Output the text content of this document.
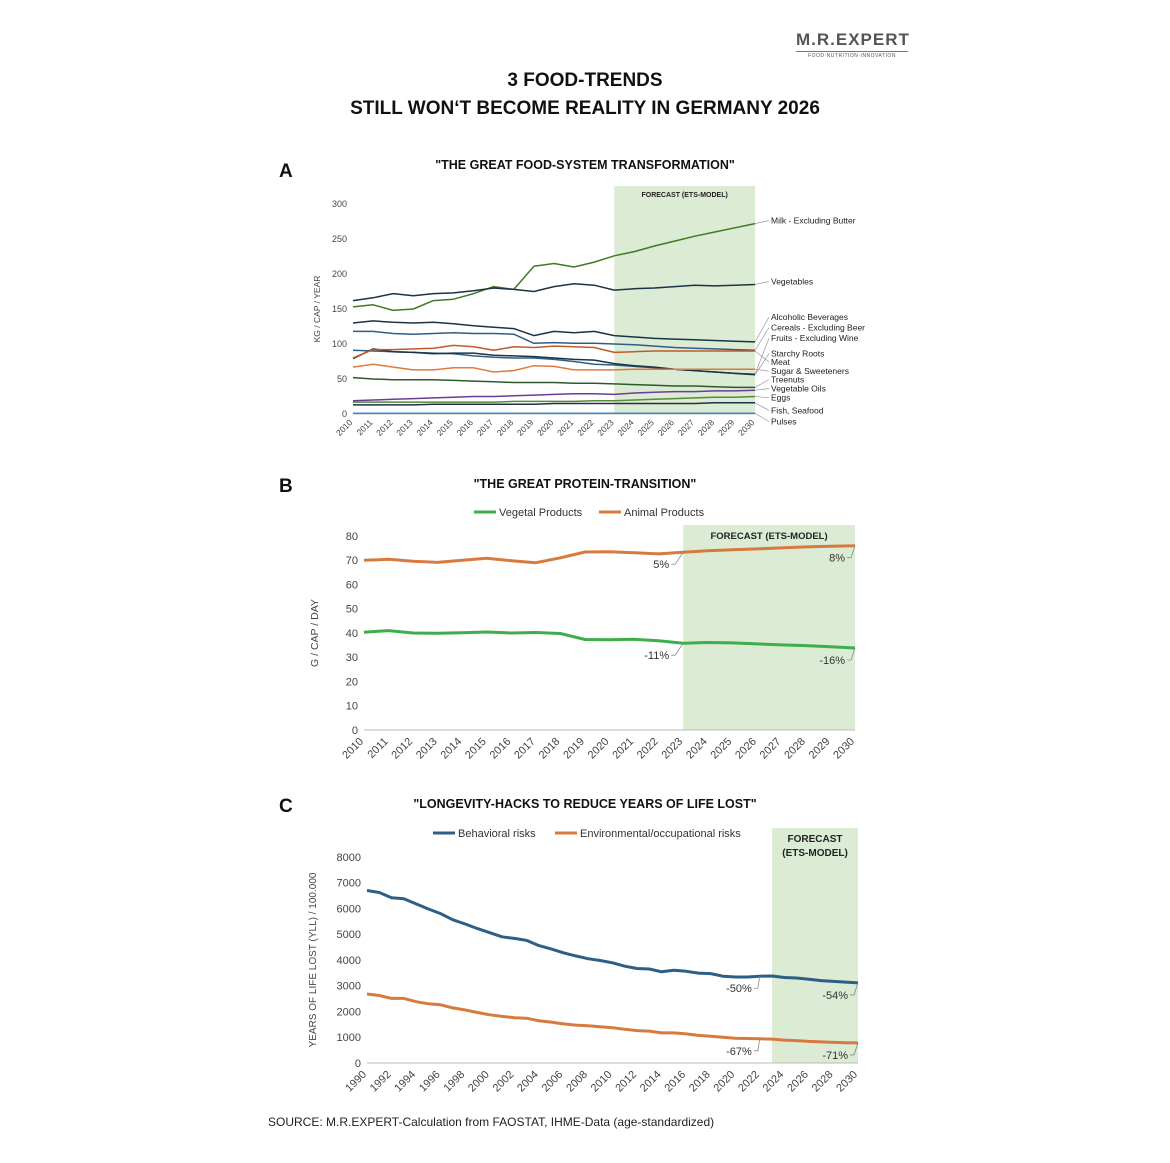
M.R.EXPERT
FOOD·NUTRITION·INNOVATION
3 FOOD-TRENDS
STILL WON‘T BECOME REALITY IN GERMANY 2026
A	"THE GREAT FOOD-SYSTEM TRANSFORMATION"
FORECAST (ETS-MODEL)
0
50
100
150
200
250
300
2010 2011 2012 2013 2014 2015 2016 2017 2018 2019 2020 2021 2022 2023 2024 2025 2026 2027 2028 2029 2030
KG / CAP / YEAR
Milk - Excluding Butter
Vegetables
Alcoholic Beverages
Cereals - Excluding Beer
Fruits - Excluding Wine
Starchy Roots
Meat
Sugar & Sweeteners
Treenuts
Vegetable Oils
Eggs
Fish, Seafood
Pulses
B	"THE GREAT PROTEIN-TRANSITION"
FORECAST (ETS-MODEL)
0
10
20
30
40
50
60
70
80
2010 2011
2012
2013
2014
2015
2016
2017
2018
2019
2020
2021
2022
2023
2024
2025
2026
2027
2028
2029
2030
G / CAP / DAY
Vegetal Products	Animal Products
5%
8%
-11%	-16%
C	"LONGEVITY-HACKS TO REDUCE YEARS OF LIFE LOST"
FORECAST
(ETS-MODEL)
0
1000
2000
3000
4000
5000
6000
7000
8000
1990
1992
1994
1996
1998
2000
2002
2004
2006
2008
2010
2012
2014
2016
2018
2020
2022
2024
2026
2028
2030
YEARS OF LIFE LOST (YLL) / 100.000
Behavioral risks	Environmental/occupational risks
-50%
-54%
-67%	-71%
SOURCE: M.R.EXPERT-Calculation from FAOSTAT, IHME-Data (age-standardized)
